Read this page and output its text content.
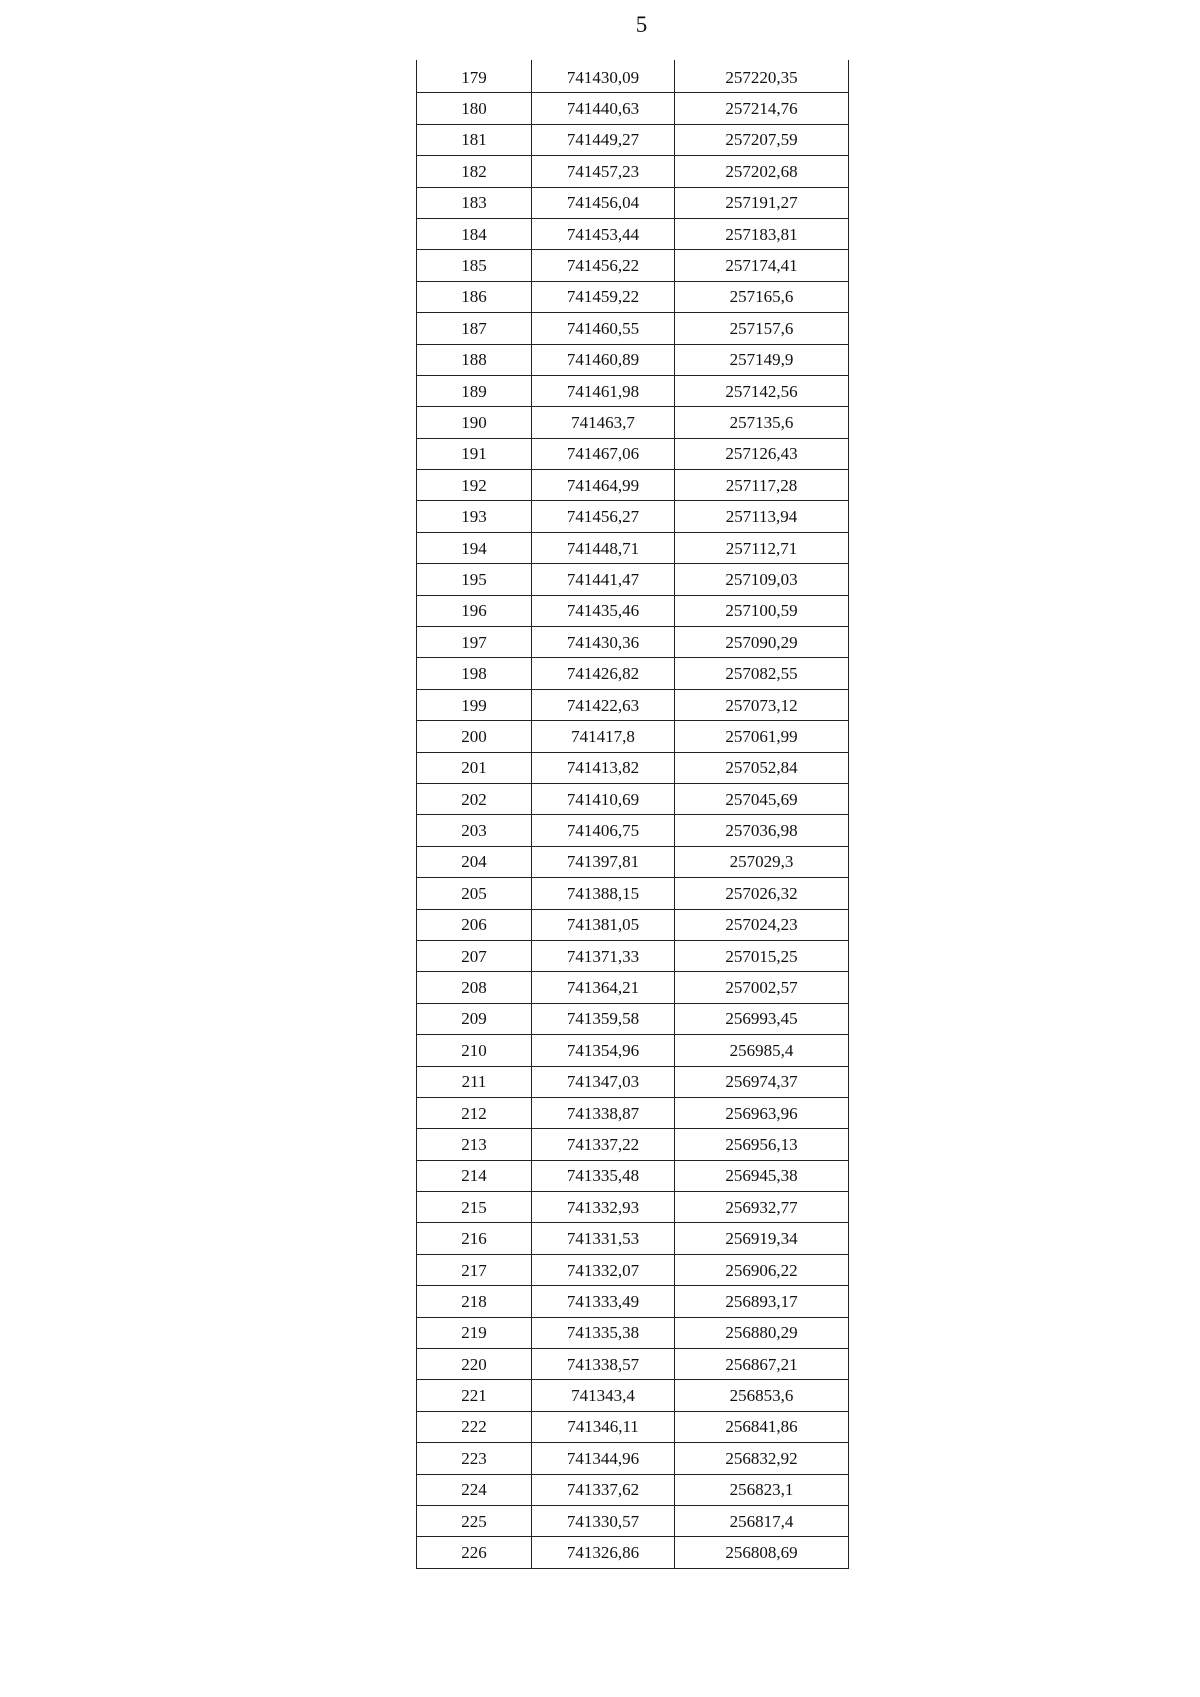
5
179	741430,09	257220,35
180	741440,63	257214,76
181	741449,27	257207,59
182	741457,23	257202,68
183	741456,04	257191,27
184	741453,44	257183,81
185	741456,22	257174,41
186	741459,22	257165,6
187	741460,55	257157,6
188	741460,89	257149,9
189	741461,98	257142,56
190	741463,7	257135,6
191	741467,06	257126,43
192	741464,99	257117,28
193	741456,27	257113,94
194	741448,71	257112,71
195	741441,47	257109,03
196	741435,46	257100,59
197	741430,36	257090,29
198	741426,82	257082,55
199	741422,63	257073,12
200	741417,8	257061,99
201	741413,82	257052,84
202	741410,69	257045,69
203	741406,75	257036,98
204	741397,81	257029,3
205	741388,15	257026,32
206	741381,05	257024,23
207	741371,33	257015,25
208	741364,21	257002,57
209	741359,58	256993,45
210	741354,96	256985,4
211	741347,03	256974,37
212	741338,87	256963,96
213	741337,22	256956,13
214	741335,48	256945,38
215	741332,93	256932,77
216	741331,53	256919,34
217	741332,07	256906,22
218	741333,49	256893,17
219	741335,38	256880,29
220	741338,57	256867,21
221	741343,4	256853,6
222	741346,11	256841,86
223	741344,96	256832,92
224	741337,62	256823,1
225	741330,57	256817,4
226	741326,86	256808,69
